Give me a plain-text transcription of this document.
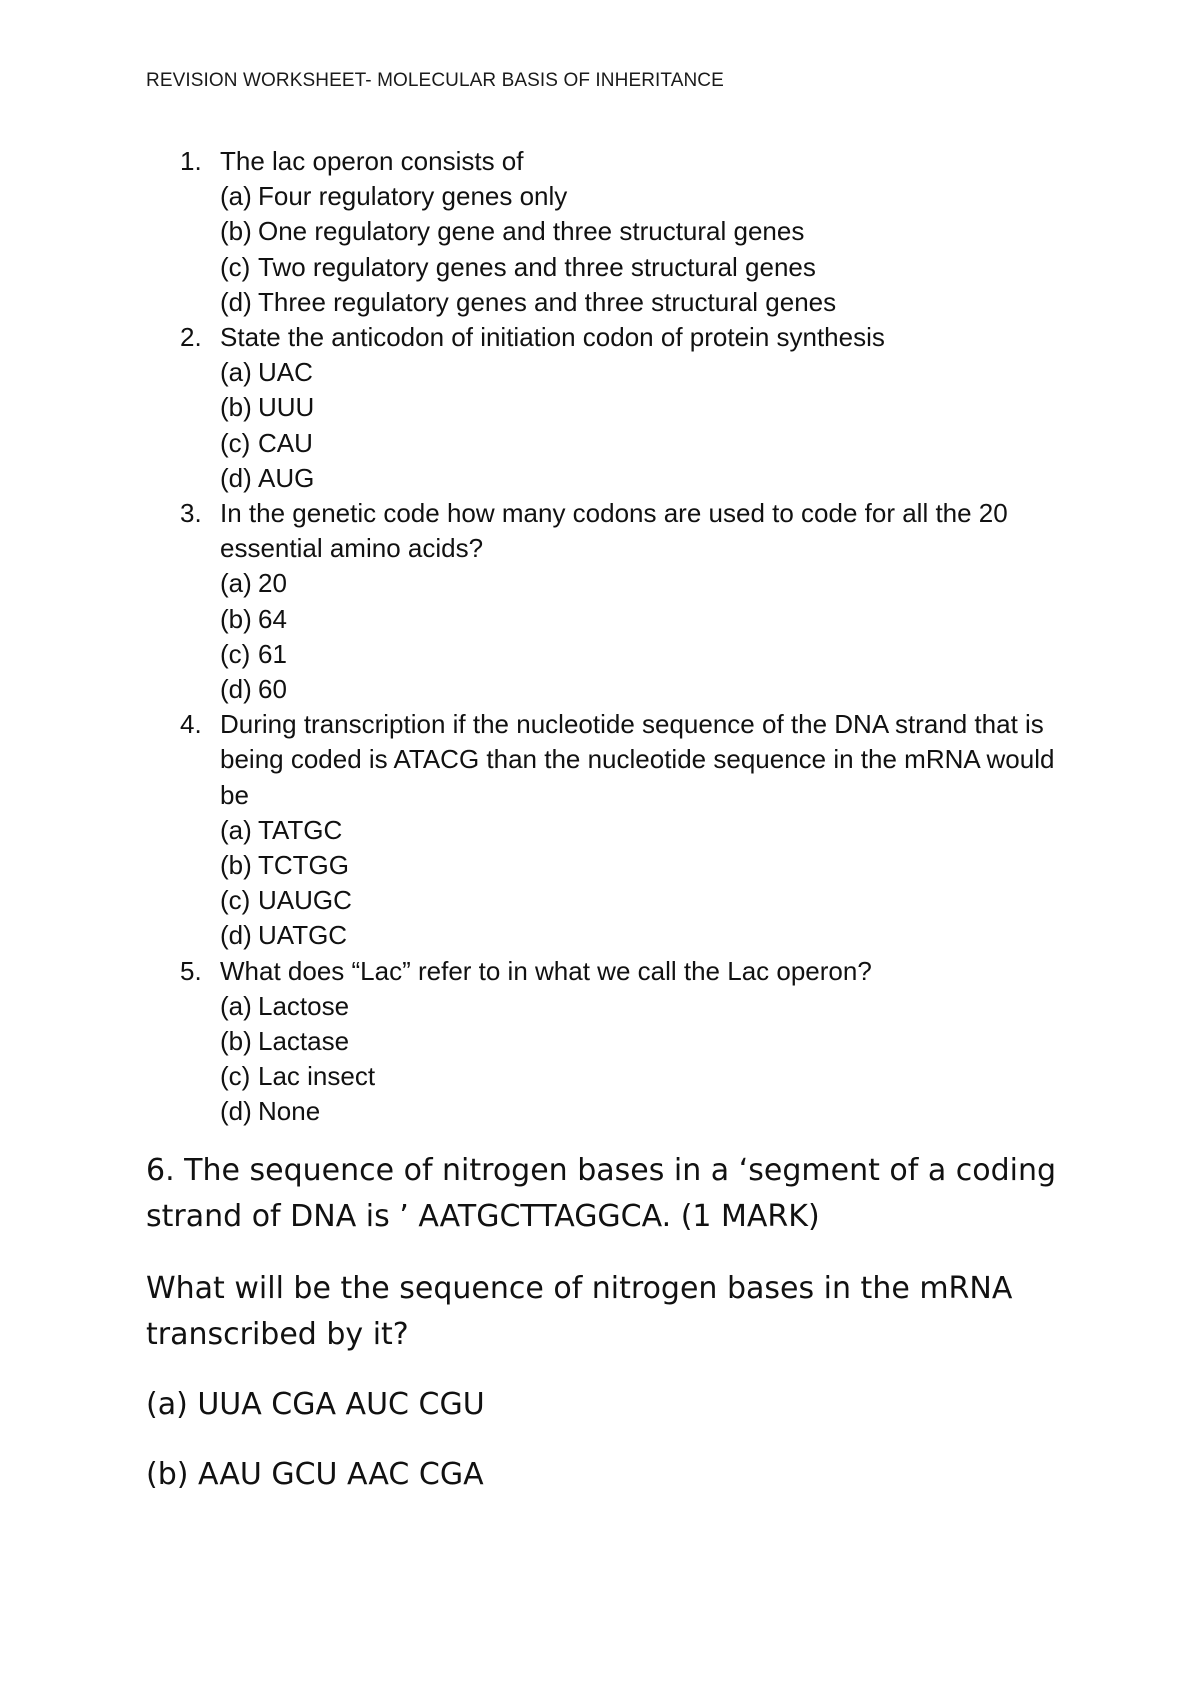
REVISION WORKSHEET- MOLECULAR BASIS OF INHERITANCE
1. The lac operon consists of
(a) Four regulatory genes only
(b) One regulatory gene and three structural genes
(c) Two regulatory genes and three structural genes
(d) Three regulatory genes and three structural genes
2. State the anticodon of initiation codon of protein synthesis
(a) UAC
(b) UUU
(c) CAU
(d) AUG
3. In the genetic code how many codons are used to code for all the 20 essential amino acids?
(a) 20
(b) 64
(c) 61
(d) 60
4. During transcription if the nucleotide sequence of the DNA strand that is being coded is ATACG than the nucleotide sequence in the mRNA would be
(a) TATGC
(b) TCTGG
(c) UAUGC
(d) UATGC
5. What does “Lac” refer to in what we call the Lac operon?
(a) Lactose
(b) Lactase
(c) Lac insect
(d) None

6. The sequence of nitrogen bases in a ‘segment of a coding strand of DNA is ’ AATGCTTAGGCA. (1 MARK)

What will be the sequence of nitrogen bases in the mRNA transcribed by it?

(a) UUA CGA AUC CGU

(b) AAU GCU AAC CGA
